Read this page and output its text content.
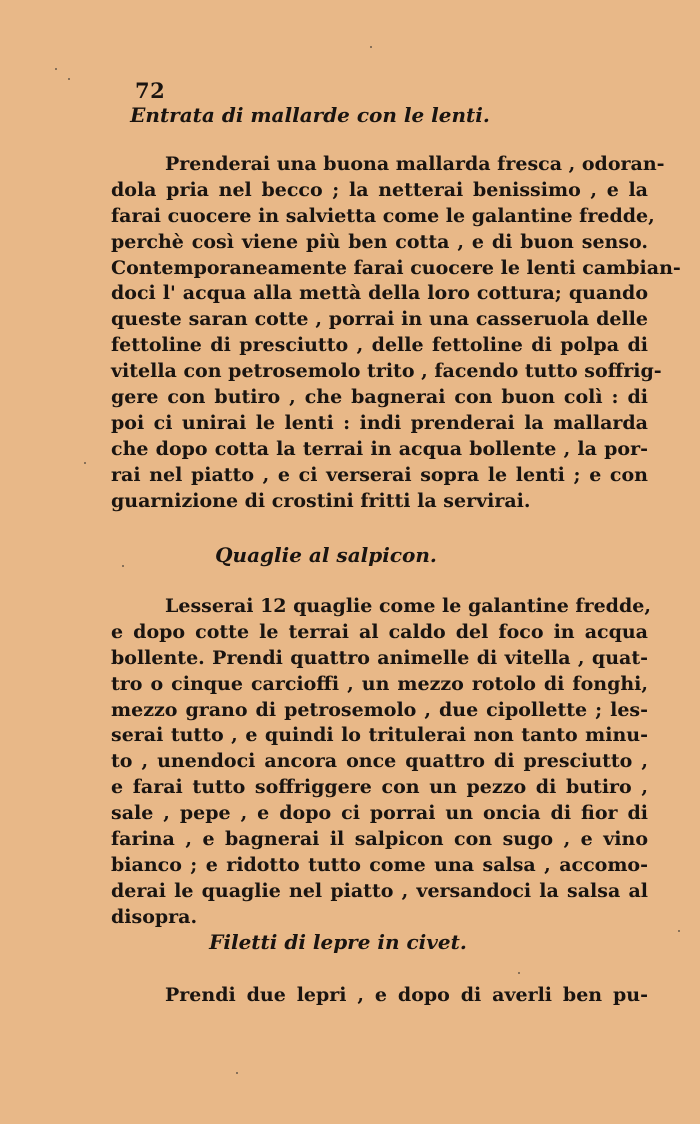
72
Entrata di mallarde con le lenti.
Prenderai una buona mallarda fresca , odoran-
dola pria nel becco ; la netterai benissimo , e la
farai cuocere in salvietta come le galantine fredde,
perchè così viene più ben cotta , e di buon senso.
Contemporaneamente farai cuocere le lenti cambian-
doci l' acqua alla mettà della loro cottura; quando
queste saran cotte , porrai in una casseruola delle
fettoline di presciutto , delle fettoline di polpa di
vitella con petrosemolo trito , facendo tutto soffrig-
gere con butiro , che bagnerai con buon colì : di
poi ci unirai le lenti : indi prenderai la mallarda
che dopo cotta la terrai in acqua bollente , la por-
rai nel piatto , e ci verserai sopra le lenti ; e con
guarnizione di crostini fritti la servirai.
Quaglie al salpicon.
Lesserai 12 quaglie come le galantine fredde,
e dopo cotte le terrai al caldo del foco in acqua
bollente. Prendi quattro animelle di vitella , quat-
tro o cinque carcioffi , un mezzo rotolo di fonghi,
mezzo grano di petrosemolo , due cipollette ; les-
serai tutto , e quindi lo tritulerai non tanto minu-
to , unendoci ancora once quattro di presciutto ,
e farai tutto soffriggere con un pezzo di butiro ,
sale , pepe , e dopo ci porrai un oncia di fior di
farina , e bagnerai il salpicon con sugo , e vino
bianco ; e ridotto tutto come una salsa , accomo-
derai le quaglie nel piatto , versandoci la salsa al
disopra.
Filetti di lepre in civet.
Prendi due lepri , e dopo di averli ben pu-
